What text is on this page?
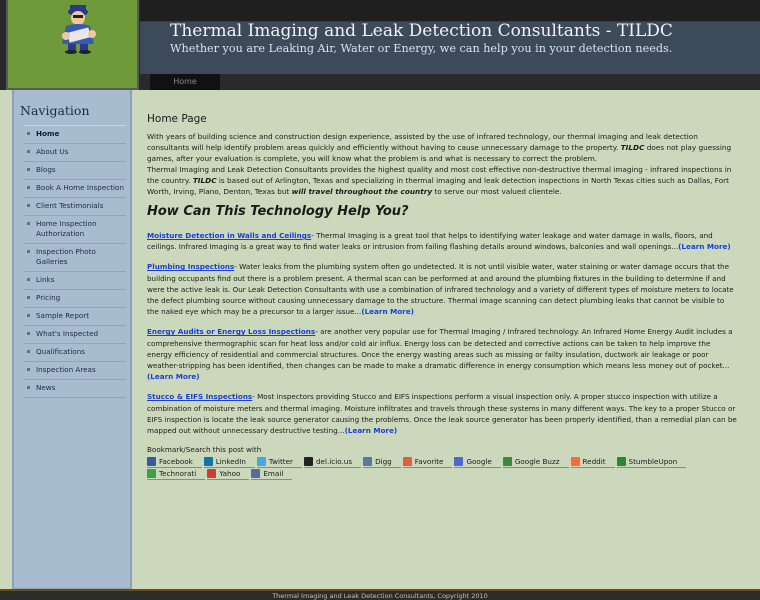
Thermal Imaging and Leak Detection Consultants - TILDC
Whether you are Leaking Air, Water or Energy, we can help you in your detection needs.
Home
Navigation
Home
About Us
Blogs
Book A Home Inspection
Client Testimonials
Home Inspection Authorization
Inspection Photo Galleries
Links
Pricing
Sample Report
What's Inspected
Qualifications
Inspection Areas
News
Home Page

With years of building science and construction design experience, assisted by the use of infrared technology, our thermal imaging and leak detection consultants will help identify problem areas quickly and efficiently without having to cause unnecessary damage to the property. TILDC does not play guessing games, after your evaluation is complete, you will know what the problem is and what is necessary to correct the problem.

Thermal Imaging and Leak Detection Consultants provides the highest quality and most cost effective non-destructive thermal imaging - infrared inspections in the country. TILDC is based out of Arlington, Texas and specializing in thermal imaging and leak detection inspections in North Texas cities such as Dallas, Fort Worth, Irving, Plano, Denton, Texas but will travel throughout the country to serve our most valued clientele.

How Can This Technology Help You?

Moisture Detection in Walls and Ceilings- Thermal Imaging is a great tool that helps to identifying water leakage and water damage in walls, floors, and ceilings. Infrared Imaging is a great way to find water leaks or intrusion from failing flashing details around windows, balconies and wall openings...(Learn More)

Plumbing Inspections- Water leaks from the plumbing system often go undetected. It is not until visible water, water staining or water damage occurs that the building occupants find out there is a problem present. A thermal scan can be performed at and around the plumbing fixtures in the building to determine if and were the active leak is. Our Leak Detection Consultants with use a combination of infrared technology and a variety of different types of moisture meters to locate the defect plumbing source without causing unnecessary damage to the structure. Thermal image scanning can detect plumbing leaks that cannot be visible to the naked eye which may be a precursor to a larger issue...(Learn More)

Energy Audits or Energy Loss Inspections- are another very popular use for Thermal Imaging / Infrared technology. An Infrared Home Energy Audit includes a comprehensive thermographic scan for heat loss and/or cold air influx. Energy loss can be detected and corrective actions can be taken to help improve the energy efficiency of residential and commercial structures. Once the energy wasting areas such as missing or failty insulation, ductwork air leakage or poor weather-stripping has been identified, then changes can be made to make a dramatic difference in energy consumption which means less money out of pocket...(Learn More)

Stucco & EIFS Inspections- Most inspectors providing Stucco and EIFS inspections perform a visual inspection only. A proper stucco inspection with utilize a combination of moisture meters and thermal imaging. Moisture infiltrates and travels through these systems in many different ways. The key to a proper Stucco or EIFS inspection is locate the leak source generator causing the problems. Once the leak source generator has been properly identified, than a remedial plan can be mapped out without unnecessary destructive testing...(Learn More)

Bookmark/Search this post with
Facebook	LinkedIn	Twitter	del.icio.us	Digg	Favorite	Google	Google Buzz	Reddit	StumbleUpon
Technorati	Yahoo	Email
Thermal Imaging and Leak Detection Consultants, Copyright 2010
